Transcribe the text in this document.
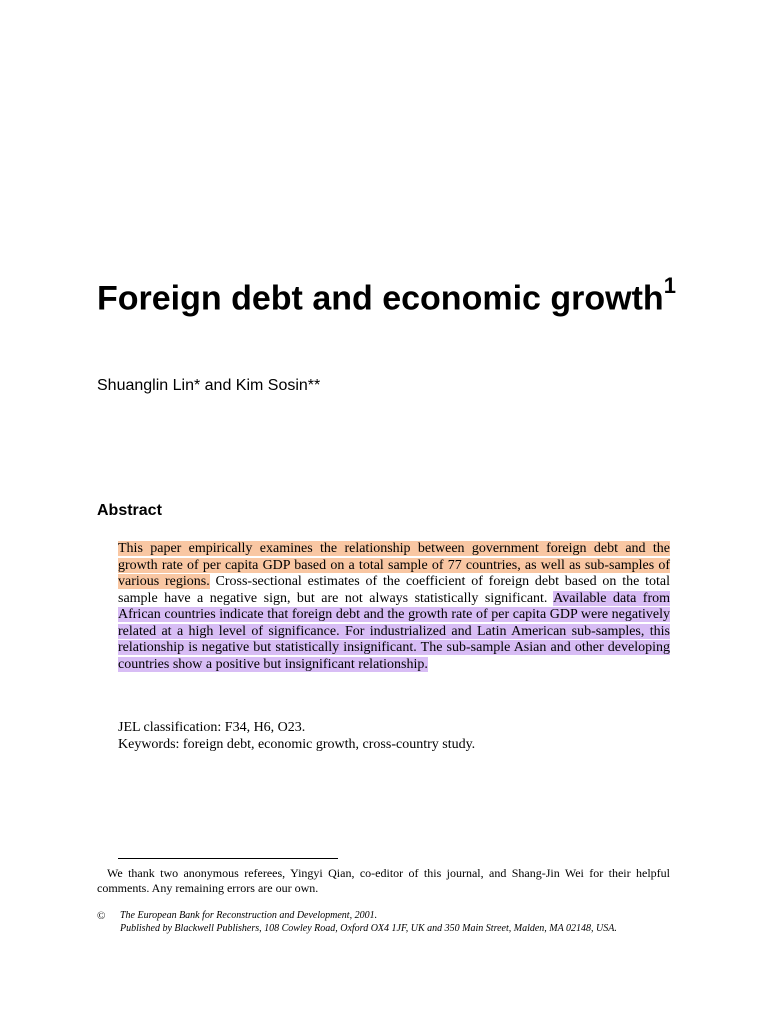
Foreign debt and economic growth$^1$
Shuanglin Lin* and Kim Sosin**
Abstract

This paper empirically examines the relationship between government foreign debt and the growth rate of per capita GDP based on a total sample of 77 countries, as well as sub-samples of various regions. Cross-sectional estimates of the coefficient of foreign debt based on the total sample have a negative sign, but are not always statistically significant. Available data from African countries indicate that foreign debt and the growth rate of per capita GDP were negatively related at a high level of significance. For industrialized and Latin American sub-samples, this relationship is negative but statistically insignificant. The sub-sample Asian and other developing countries show a positive but insignificant relationship.

JEL classification: F34, H6, O23.
Keywords: foreign debt, economic growth, cross-country study.

We thank two anonymous referees, Yingyi Qian, co-editor of this journal, and Shang-Jin Wei for their helpful comments. Any remaining errors are our own.

© The European Bank for Reconstruction and Development, 2001.
Published by Blackwell Publishers, 108 Cowley Road, Oxford OX4 1JF, UK and 350 Main Street, Malden, MA 02148, USA.
